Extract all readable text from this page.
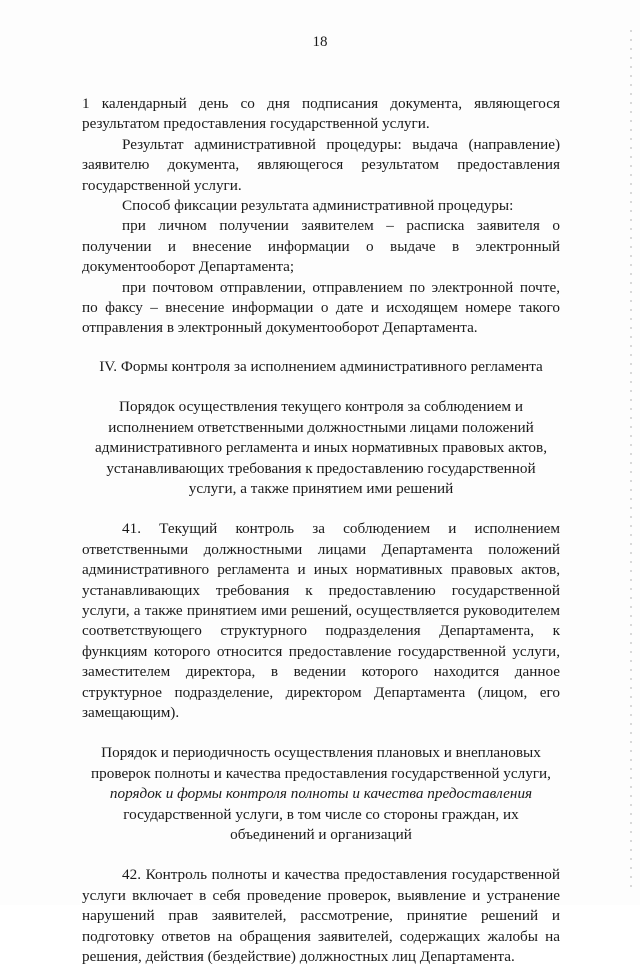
18

1 календарный день со дня подписания документа, являющегося результатом предоставления государственной услуги.

Результат административной процедуры: выдача (направление) заявителю документа, являющегося результатом предоставления государственной услуги.

Способ фиксации результата административной процедуры:

при личном получении заявителем – расписка заявителя о получении и внесение информации о выдаче в электронный документооборот Департамента;

при почтовом отправлении, отправлением по электронной почте, по факсу – внесение информации о дате и исходящем номере такого отправления в электронный документооборот Департамента.

IV. Формы контроля за исполнением административного регламента

Порядок осуществления текущего контроля за соблюдением и исполнением ответственными должностными лицами положений административного регламента и иных нормативных правовых актов, устанавливающих требования к предоставлению государственной услуги, а также принятием ими решений

41. Текущий контроль за соблюдением и исполнением ответственными должностными лицами Департамента положений административного регламента и иных нормативных правовых актов, устанавливающих требования к предоставлению государственной услуги, а также принятием ими решений, осуществляется руководителем соответствующего структурного подразделения Департамента, к функциям которого относится предоставление государственной услуги, заместителем директора, в ведении которого находится данное структурное подразделение, директором Департамента (лицом, его замещающим).

Порядок и периодичность осуществления плановых и внеплановых проверок полноты и качества предоставления государственной услуги, порядок и формы контроля полноты и качества предоставления государственной услуги, в том числе со стороны граждан, их объединений и организаций

42. Контроль полноты и качества предоставления государственной услуги включает в себя проведение проверок, выявление и устранение нарушений прав заявителей, рассмотрение, принятие решений и подготовку ответов на обращения заявителей, содержащих жалобы на решения, действия (бездействие) должностных лиц Департамента.
